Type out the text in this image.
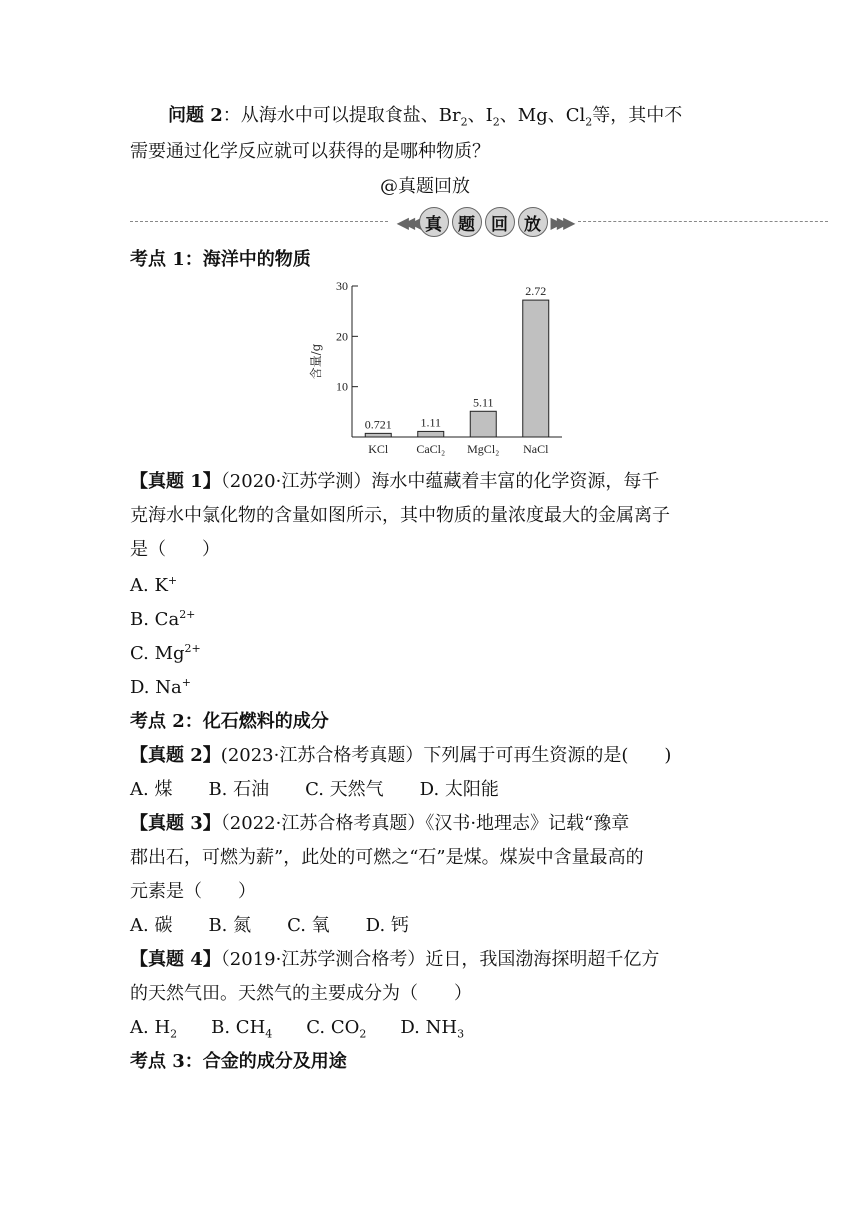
问题 2：从海水中可以提取食盐、$Br_2$、$I_2$、Mg、$Cl_2$等，其中不
需要通过化学反应就可以获得的是哪种物质？
@真题回放
◀◀◀ 真 题 回 放 ▶▶▶
考点 1：海洋中的物质
10
20
30
含量/g
0.721
KCl
1.11
CaCl₂
5.11
MgCl₂
2.72
NaCl
【真题 1】（2020·江苏学测）海水中蕴藏着丰富的化学资源，每千
克海水中氯化物的含量如图所示，其中物质的量浓度最大的金属离子
是（　　）
A. K+
B. $Ca^{2+}$
C. $Mg^{2+}$
D. Na+
考点 2：化石燃料的成分
【真题 2】(2023·江苏合格考真题）下列属于可再生资源的是(　　)
A. 煤　　B. 石油　　C. 天然气　　D. 太阳能
【真题 3】（2022·江苏合格考真题）《汉书·地理志》记载“豫章
郡出石，可燃为薪”，此处的可燃之“石”是煤。煤炭中含量最高的
元素是（　　）
A. 碳　　B. 氮　　C. 氧　　D. 钙
【真题 4】（2019·江苏学测合格考）近日，我国渤海探明超千亿方
的天然气田。天然气的主要成分为（　　）
A. $H_2$ B. $CH_4$ C. $CO_2$ D. $NH_3$
考点 3：合金的成分及用途
